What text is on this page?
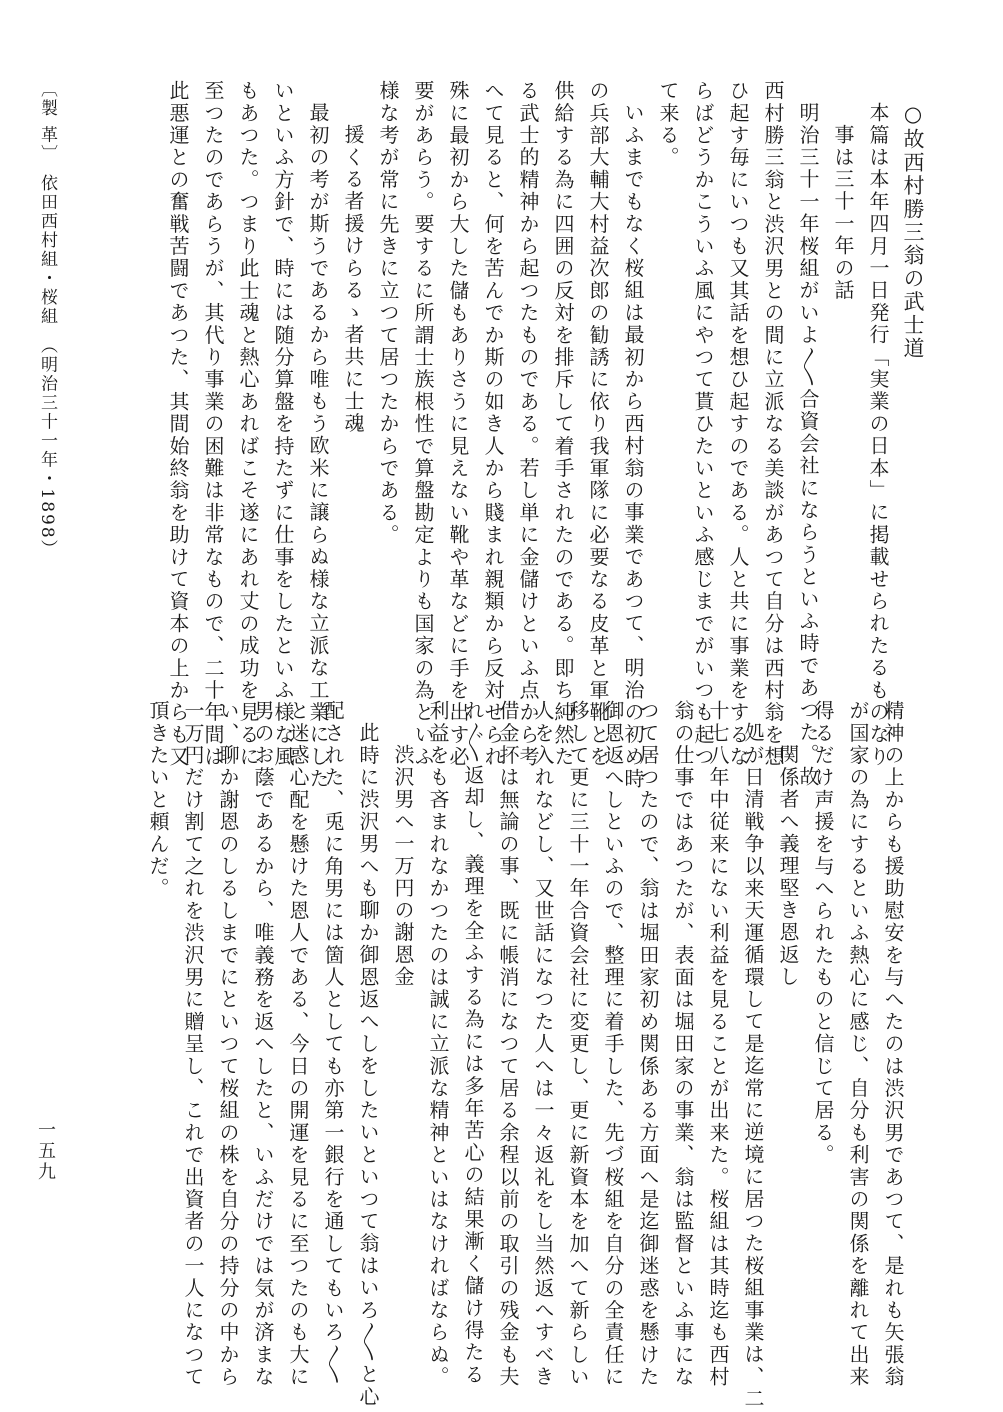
○故西村勝三翁の武士道
本篇は本年四月一日発行「実業の日本」に掲載せられたるものなり
事は三十一年の話
明治三十一年桜組がいよ〳〵合資会社にならうといふ時であつた。故
西村勝三翁と渋沢男との間に立派なる美談があつて自分は西村翁を想
ひ起す毎にいつも又其話を想ひ起すのである。人と共に事業をするな
らばどうかこういふ風にやつて貰ひたいといふ感じまでがいつも起つ
て来る。
いふまでもなく桜組は最初から西村翁の事業であつて、明治の初め時
の兵部大輔大村益次郎の勧誘に依り我軍隊に必要なる皮革と軍靴とを
供給する為に四囲の反対を排斥して着手されたのである。即ち純然た
る武士的精神から起つたものである。若し単に金儲けといふ点から考
へて見ると、何を苦んでか斯の如き人から賤まれ親類から反対せられ
殊に最初から大した儲もありさうに見えない靴や革などに手を出す必
要があらう。要するに所謂士族根性で算盤勘定よりも国家の為といふ
様な考が常に先きに立つて居つたからである。
援くる者援けらるゝ者共に士魂
最初の考が斯うであるから唯もう欧米に譲らぬ様な立派な工業にした
いといふ方針で、時には随分算盤を持たずに仕事をしたといふ様な風
もあつた。つまり此士魂と熱心あればこそ遂にあれ丈の成功を見るに
至つたのであらうが、其代り事業の困難は非常なもので、二十年間は
此悪運との奮戦苦闘であつた、其間始終翁を助けて資本の上からも又
精神の上からも援助慰安を与へたのは渋沢男であつて、是れも矢張翁
が国家の為にするといふ熱心に感じ、自分も利害の関係を離れて出来
得るだけ声援を与へられたものと信じて居る。
関係者へ義理堅き恩返し
処が日清戦争以来天運循環して是迄常に逆境に居つた桜組事業は、二
十七八年中従来にない利益を見ることが出来た。桜組は其時迄も西村
翁の仕事ではあつたが、表面は堀田家の事業、翁は監督といふ事にな
つて居つたので、翁は堀田家初め関係ある方面へ是迄御迷惑を懸けた
御恩返へしといふので、整理に着手した、先づ桜組を自分の全責任に
移して更に三十一年合資会社に変更し、更に新資本を加へて新らしい
人を入れなどし、又世話になつた人へは一々返礼をし当然返へすべき
借金抔は無論の事、既に帳消になつて居る余程以前の取引の残金も夫
れ〴〵返却し、義理を全ふする為には多年苦心の結果漸く儲け得たる
利益をも吝まれなかつたのは誠に立派な精神といはなければならぬ。
渋沢男へ一万円の謝恩金
此時に渋沢男へも聊か御恩返へしをしたいといつて翁はいろ〳〵と心
配された、兎に角男には箇人としても亦第一銀行を通してもいろ〳〵
と迷惑心配を懸けた恩人である、今日の開運を見るに至つたのも大に
男のお蔭であるから、唯義務を返へしたと、いふだけでは気が済まな
い、聊か謝恩のしるしまでにといつて桜組の株を自分の持分の中から
一万円だけ割て之れを渋沢男に贈呈し、これで出資者の一人になつて
頂きたいと頼んだ。
〔製 革〕　依田西村組・桜組　（明治三十一年・1898）
一五九
